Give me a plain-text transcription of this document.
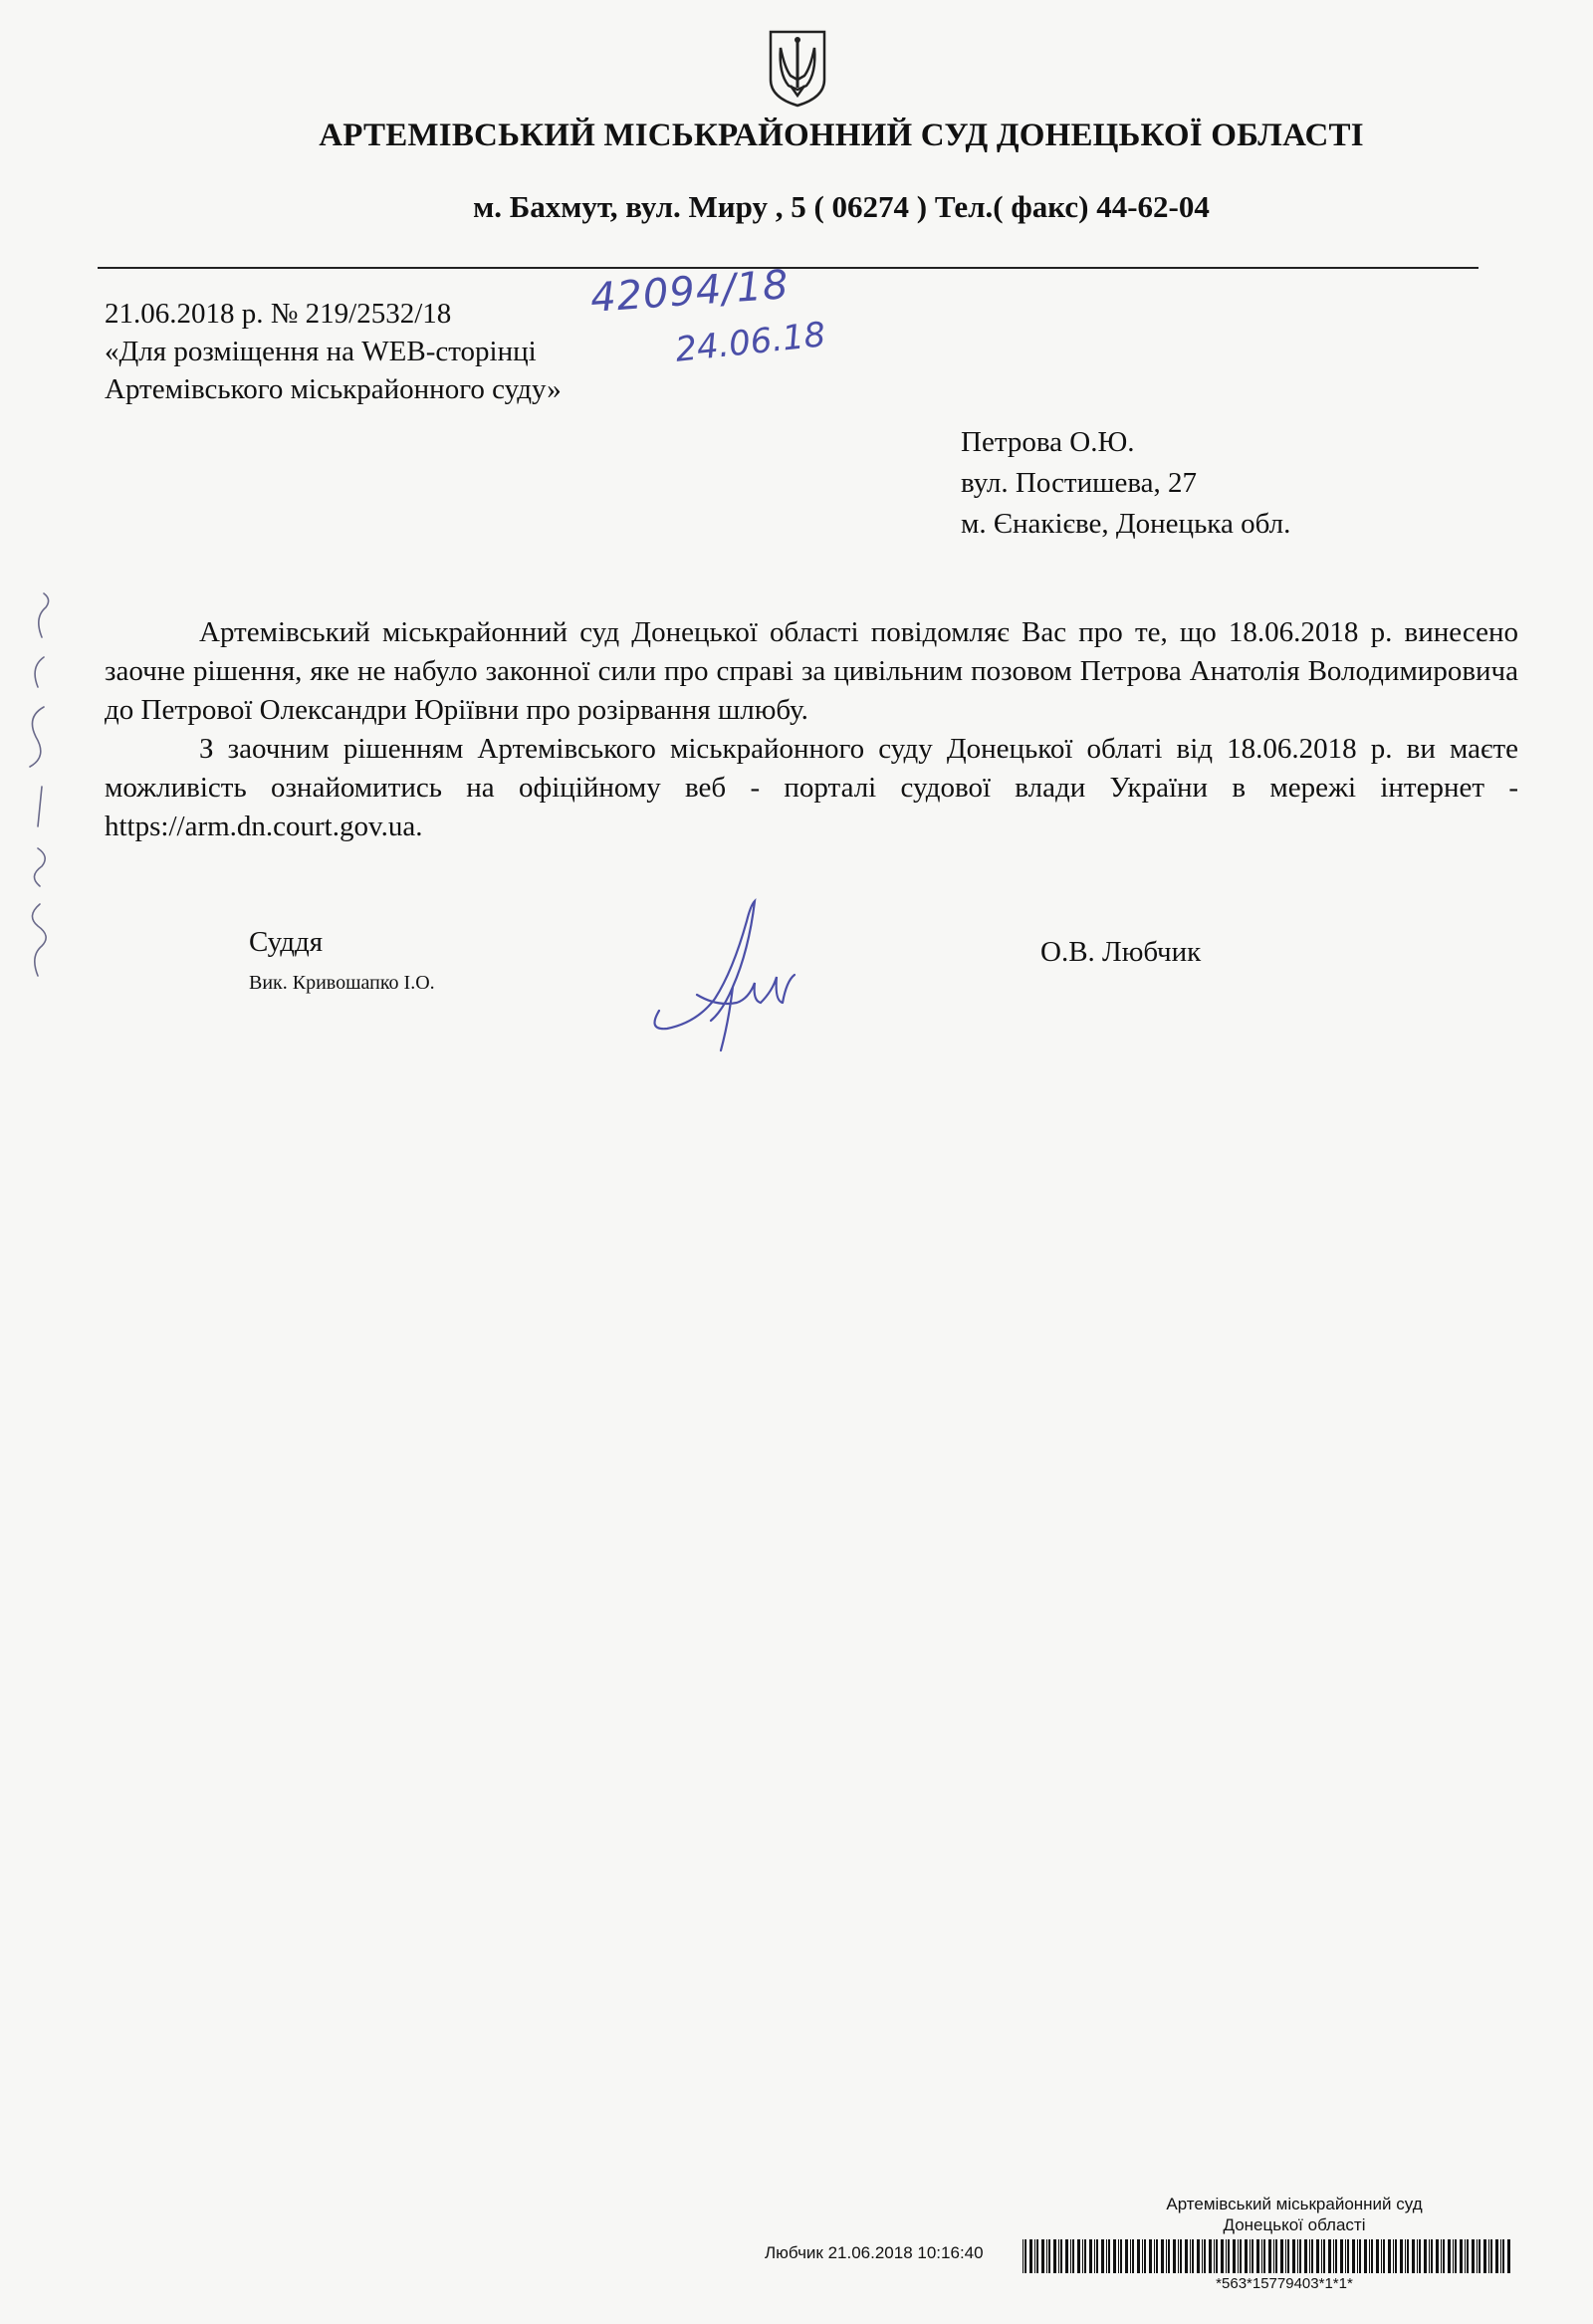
АРТЕМІВСЬКИЙ МІСЬКРАЙОННИЙ СУД ДОНЕЦЬКОЇ ОБЛАСТІ
м. Бахмут, вул. Миру , 5 ( 06274 ) Тел.( факс) 44-62-04
21.06.2018 р. № 219/2532/18
«Для розміщення на WEB-сторінці
Артемівського міськрайонного суду»
42094/18
24.06.18
Петрова О.Ю.
вул. Постишева, 27
м. Єнакієве, Донецька обл.

Артемівський міськрайонний суд Донецької області повідомляє Вас про те, що 18.06.2018 р. винесено заочне рішення, яке не набуло законної сили про справі за цивільним позовом Петрова Анатолія Володимировича до Петрової Олександри Юріївни про розірвання шлюбу.

З заочним рішенням Артемівського міськрайонного суду Донецької облаті від 18.06.2018 р. ви маєте можливість ознайомитись на офіційному веб - порталі судової влади України в мережі інтернет - https://arm.dn.court.gov.ua.

Суддя
Вик. Кривошапко І.О.
О.В. Любчик
Артемівський міськрайонний суд
Донецької області
Любчик 21.06.2018 10:16:40
*563*15779403*1*1*
